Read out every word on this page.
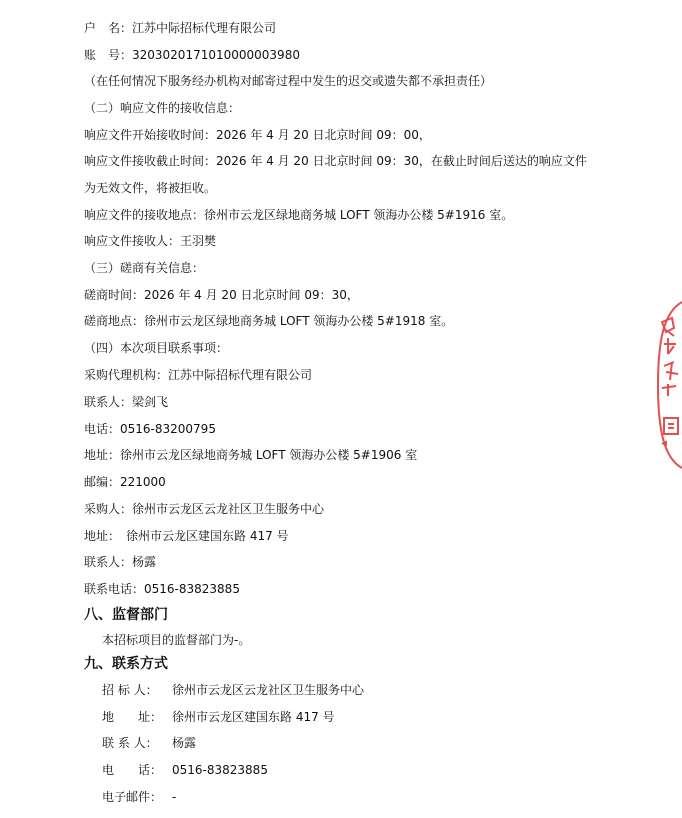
户　名：江苏中际招标代理有限公司
账　号：32030201710100000039​80
（在任何情况下服务经办机构对邮寄过程中发生的迟交或遗失都不承担责任）
（二）响应文件的接收信息：
响应文件开始接收时间：2026 年 4 月 20 日北京时间 09：00，
响应文件接收截止时间：2026 年 4 月 20 日北京时间 09：30，在截止时间后送达的响应文件
为无效文件，将被拒收。
响应文件的接收地点：徐州市云龙区绿地商务城 LOFT 领海办公楼 5#1916 室。
响应文件接收人：王羽樊
（三）磋商有关信息：
磋商时间：2026 年 4 月 20 日北京时间 09：30，
磋商地点：徐州市云龙区绿地商务城 LOFT 领海办公楼 5#1918 室。
（四）本次项目联系事项：
采购代理机构：江苏中际招标代理有限公司
联系人：梁剑飞
电话：0516-83200795
地址：徐州市云龙区绿地商务城 LOFT 领海办公楼 5#1906 室
邮编：221000
采购人：徐州市云龙区云龙社区卫生服务中心
地址：　徐州市云龙区建国东路 417 号
联系人：杨露
联系电话：0516-83823885
八、监督部门
本招标项目的监督部门为-。
九、联系方式
招 标 人： 徐州市云龙区云龙社区卫生服务中心
地　　址： 徐州市云龙区建国东路 417 号
联 系 人： 杨露
电　　话： 0516-83823885
电子邮件： -
